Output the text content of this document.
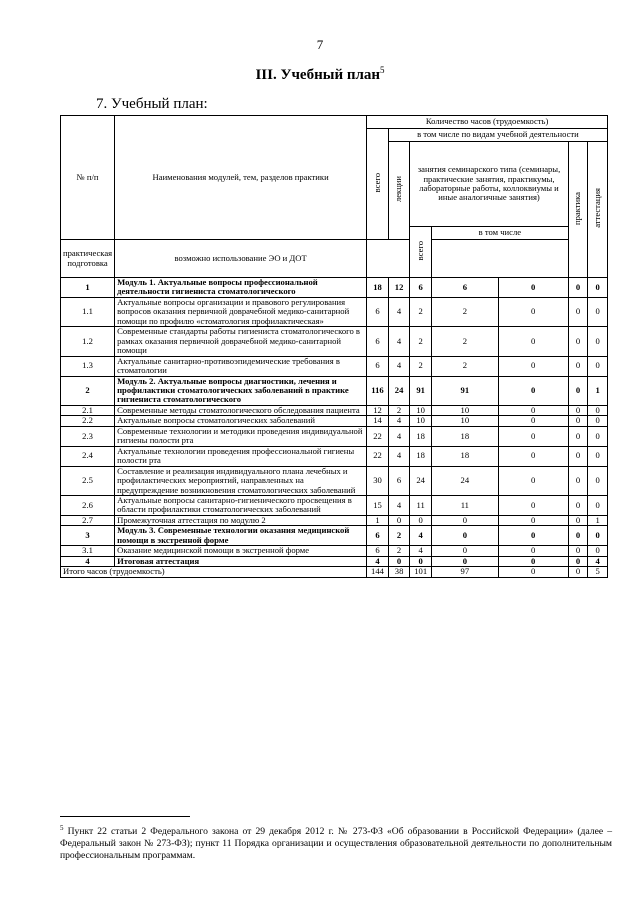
7
III. Учебный план$^5$
7. Учебный план:
№ п/п	Наименования модулей, тем, разделов практики	Количество часов (трудоемкость)						
		всего	в том числе по видам учебной деятельности					
			лекции	занятия семинарского типа (семинары, практические занятия, практикумы, лабораторные работы, коллоквиумы и иные аналогичные занятия)			практика	аттестация
				всего	в том числе			
практическая подготовка	возможно использование ЭО и ДОТ							
1	Модуль 1. Актуальные вопросы профессиональной деятельности гигиениста стоматологического	18	12	6	6	0	0	0
1.1	Актуальные вопросы организации и правового регулирования вопросов оказания первичной доврачебной медико-санитарной помощи по профилю «стоматология профилактическая»	6	4	2	2	0	0	0
1.2	Современные стандарты работы гигиениста стоматологического в рамках оказания первичной доврачебной медико-санитарной помощи	6	4	2	2	0	0	0
1.3	Актуальные санитарно-противоэпидемические требования в стоматологии	6	4	2	2	0	0	0
2	Модуль 2. Актуальные вопросы диагностики, лечения и профилактики стоматологических заболеваний в практике гигиениста стоматологического	116	24	91	91	0	0	1
2.1	Современные методы стоматологического обследования пациента	12	2	10	10	0	0	0
2.2	Актуальные вопросы стоматологических заболеваний	14	4	10	10	0	0	0
2.3	Современные технологии и методики проведения индивидуальной гигиены полости рта	22	4	18	18	0	0	0
2.4	Актуальные технологии проведения профессиональной гигиены полости рта	22	4	18	18	0	0	0
2.5	Составление и реализация индивидуального плана лечебных и профилактических мероприятий, направленных на предупреждение возникновения стоматологических заболеваний	30	6	24	24	0	0	0
2.6	Актуальные вопросы санитарно-гигиенического просвещения в области профилактики стоматологических заболеваний	15	4	11	11	0	0	0
2.7	Промежуточная аттестация по модулю 2	1	0	0	0	0	0	1
3	Модуль 3. Современные технологии оказания медицинской помощи в экстренной форме	6	2	4	0	0	0	0
3.1	Оказание медицинской помощи в экстренной форме	6	2	4	0	0	0	0
4	Итоговая аттестация	4	0	0	0	0	0	4
Итого часов (трудоемкость)		144	38	101	97	0	0	5
$^5$ Пункт 22 статьи 2 Федерального закона от 29 декабря 2012 г. № 273-ФЗ «Об образовании в Российской Федерации» (далее – Федеральный закон № 273-ФЗ); пункт 11 Порядка организации и осуществления образовательной деятельности по дополнительным профессиональным программам.
